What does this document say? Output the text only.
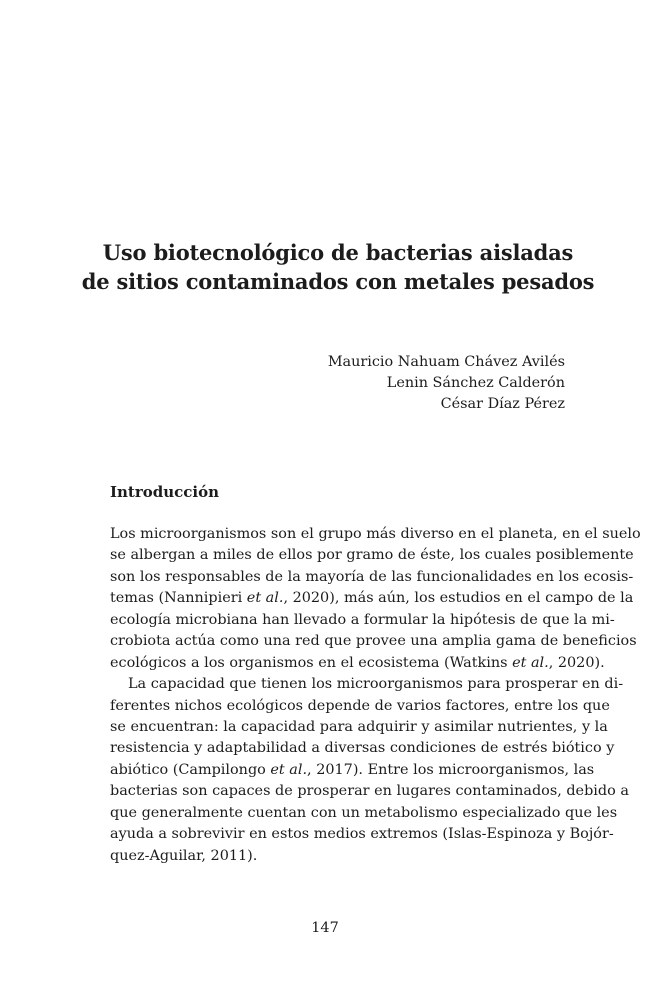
Uso biotecnológico de bacterias aisladas
de sitios contaminados con metales pesados
Mauricio Nahuam Chávez Avilés
Lenin Sánchez Calderón
César Díaz Pérez
Introducción
Los microorganismos son el grupo más diverso en el planeta, en el suelo
se albergan a miles de ellos por gramo de éste, los cuales posiblemente
son los responsables de la mayoría de las funcionalidades en los ecosis-
temas (Nannipieri et al., 2020), más aún, los estudios en el campo de la
ecología microbiana han llevado a formular la hipótesis de que la mi-
crobiota actúa como una red que provee una amplia gama de beneficios
ecológicos a los organismos en el ecosistema (Watkins et al., 2020).
La capacidad que tienen los microorganismos para prosperar en di-
ferentes nichos ecológicos depende de varios factores, entre los que
se encuentran: la capacidad para adquirir y asimilar nutrientes, y la
resistencia y adaptabilidad a diversas condiciones de estrés biótico y
abiótico (Campilongo et al., 2017). Entre los microorganismos, las
bacterias son capaces de prosperar en lugares contaminados, debido a
que generalmente cuentan con un metabolismo especializado que les
ayuda a sobrevivir en estos medios extremos (Islas-Espinoza y Bojór-
quez-Aguilar, 2011).
147
